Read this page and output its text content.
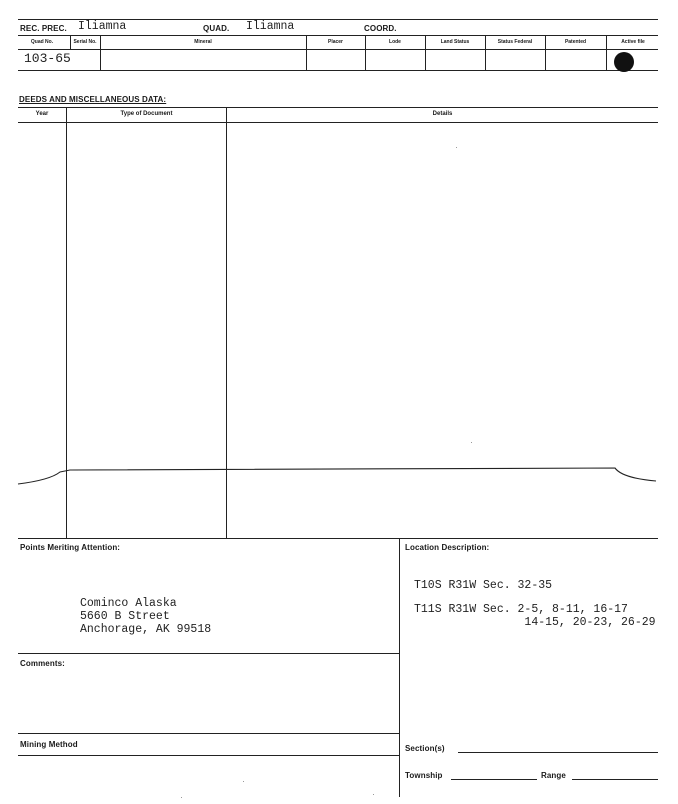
REC. PREC. Iliamna	QUAD. Iliamna	COORD.
Quad No.	Serial No.	Mineral	Placer	Lode	Land Status	Status Federal	Patented	Active file
103-65
DEEDS AND MISCELLANEOUS DATA:
Year	Type of Document	Details
Points Meriting Attention:
Cominco Alaska
5660 B Street
Anchorage, AK 99518
Location Description:
T10S R31W Sec. 32-35
T11S R31W Sec. 2-5, 8-11, 16-17
14-15, 20-23, 26-29
Comments:
Mining Method	Section(s)
Township	Range
